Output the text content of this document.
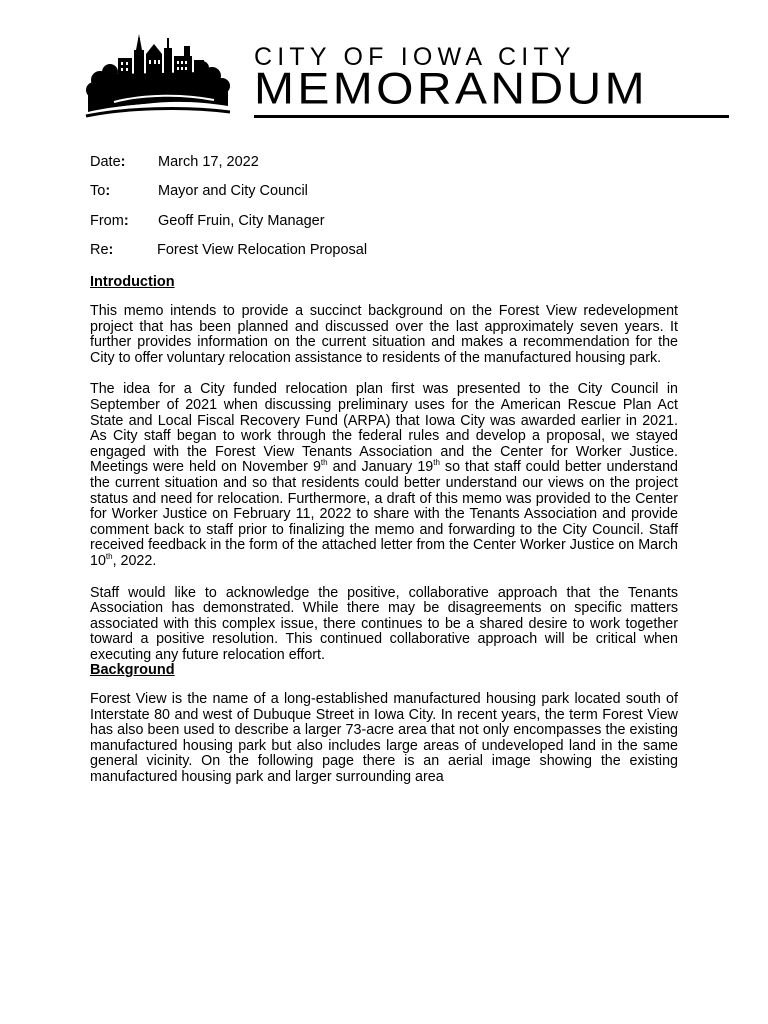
CITY OF IOWA CITY
MEMORANDUM
Date: March 17, 2022
To:	Mayor and City Council
From: Geoff Fruin, City Manager
Re:	Forest View Relocation Proposal
Introduction

This memo intends to provide a succinct background on the Forest View redevelopment project that has been planned and discussed over the last approximately seven years. It further provides information on the current situation and makes a recommendation for the City to offer voluntary relocation assistance to residents of the manufactured housing park.

The idea for a City funded relocation plan first was presented to the City Council in September of 2021 when discussing preliminary uses for the American Rescue Plan Act State and Local Fiscal Recovery Fund (ARPA) that Iowa City was awarded earlier in 2021. As City staff began to work through the federal rules and develop a proposal, we stayed engaged with the Forest View Tenants Association and the Center for Worker Justice. Meetings were held on November 9th and January 19th so that staff could better understand the current situation and so that residents could better understand our views on the project status and need for relocation. Furthermore, a draft of this memo was provided to the Center for Worker Justice on February 11, 2022 to share with the Tenants Association and provide comment back to staff prior to finalizing the memo and forwarding to the City Council. Staff received feedback in the form of the attached letter from the Center Worker Justice on March 10th, 2022.

Staff would like to acknowledge the positive, collaborative approach that the Tenants Association has demonstrated. While there may be disagreements on specific matters associated with this complex issue, there continues to be a shared desire to work together toward a positive resolution. This continued collaborative approach will be critical when executing any future relocation effort.

Background

Forest View is the name of a long-established manufactured housing park located south of Interstate 80 and west of Dubuque Street in Iowa City. In recent years, the term Forest View has also been used to describe a larger 73-acre area that not only encompasses the existing manufactured housing park but also includes large areas of undeveloped land in the same general vicinity. On the following page there is an aerial image showing the existing manufactured housing park and larger surrounding area
